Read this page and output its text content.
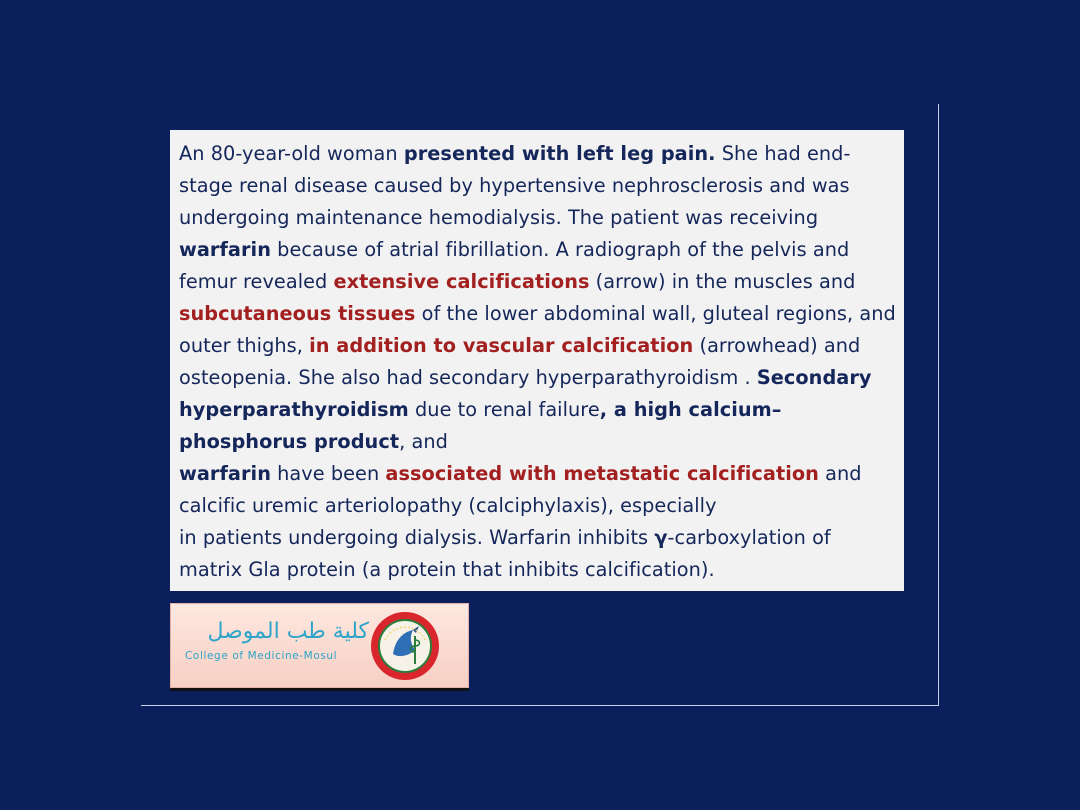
An 80-year-old woman presented with left leg pain. She had end-stage renal disease caused by hypertensive nephrosclerosis and was undergoing maintenance hemodialysis. The patient was receiving warfarin because of atrial fibrillation. A radiograph of the pelvis and femur revealed extensive calcifications (arrow) in the muscles and subcutaneous tissues of the lower abdominal wall, gluteal regions, and outer thighs, in addition to vascular calcification (arrowhead) and osteopenia. She also had secondary hyperparathyroidism . Secondary hyperparathyroidism due to renal failure, a high calcium–phosphorus product, and
warfarin have been associated with metastatic calcification and calcific uremic arteriolopathy (calciphylaxis), especially
in patients undergoing dialysis. Warfarin inhibits γ-carboxylation of matrix Gla protein (a protein that inhibits calcification).

كلية طب الموصل
College of Medicine-Mosul
